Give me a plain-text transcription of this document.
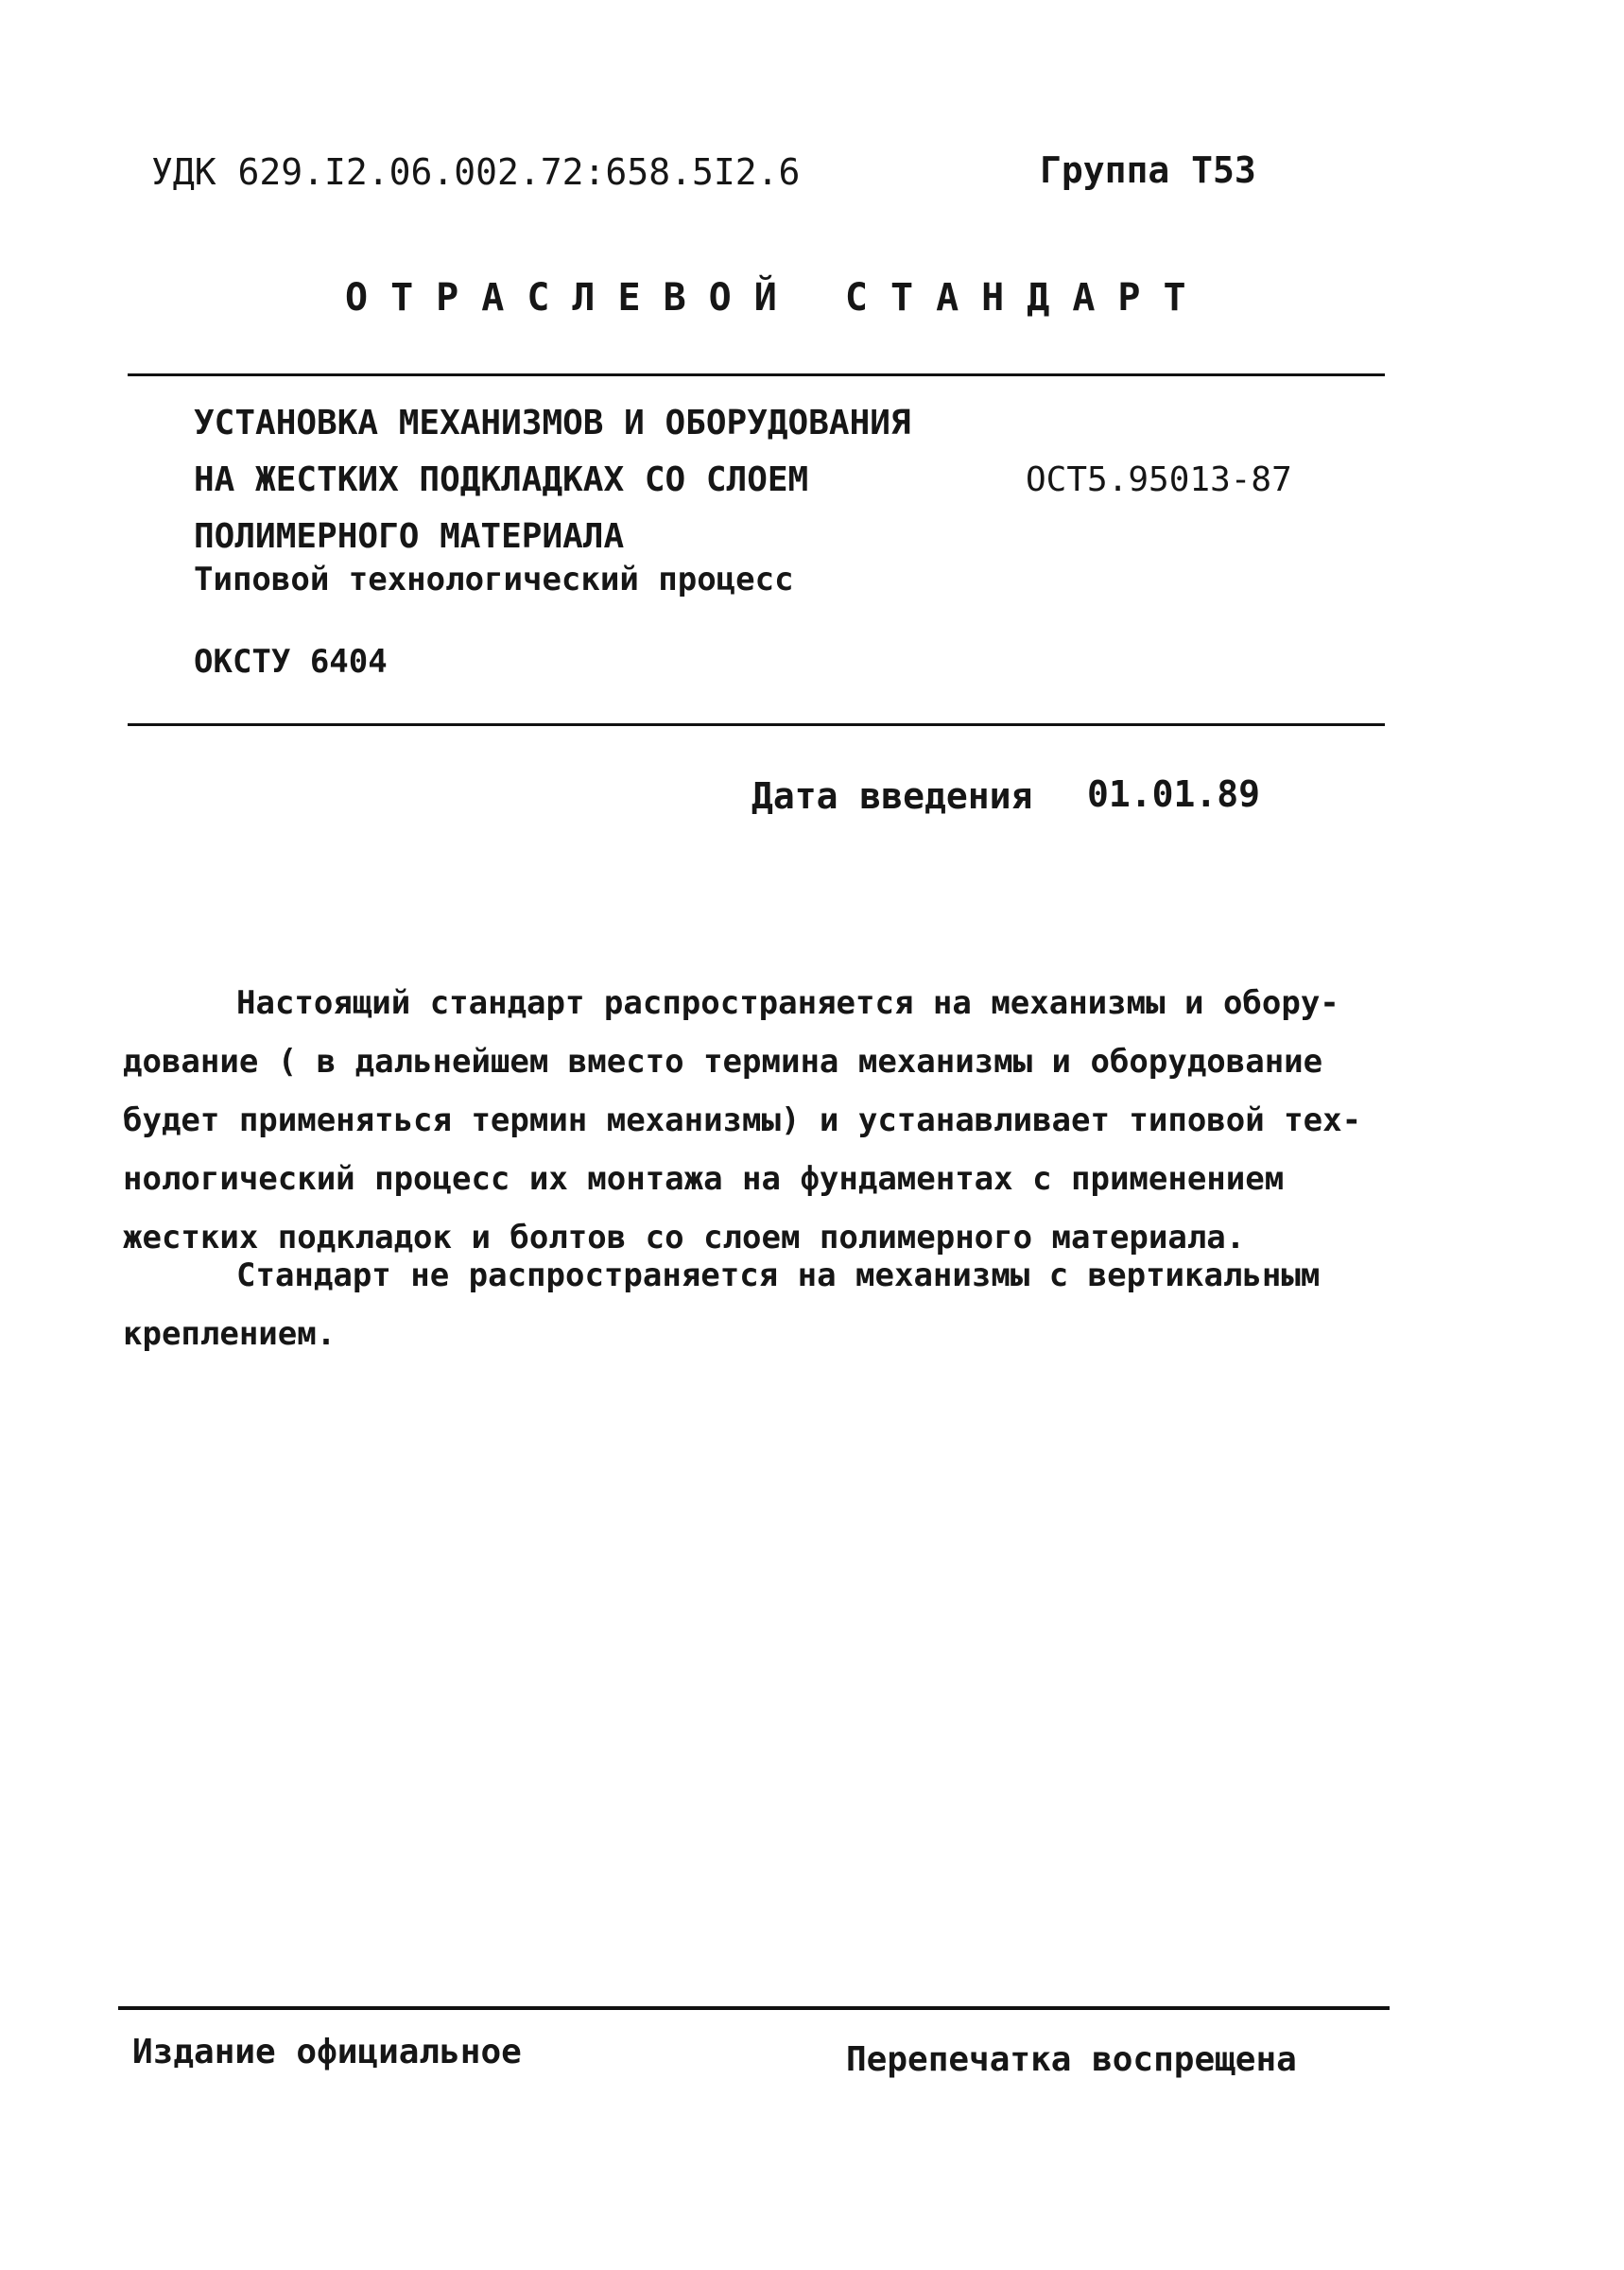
УДК 629.I2.06.002.72:658.5I2.6	Группа Т53
ОТРАСЛЕВОЙ СТАНДАРТ
УСТАНОВКА МЕХАНИЗМОВ И ОБОРУДОВАНИЯ
НА ЖЕСТКИХ ПОДКЛАДКАХ СО СЛОЕМ
ПОЛИМЕРНОГО МАТЕРИАЛА
ОСТ5.95013-87
Типовой технологический процесс
ОКСТУ 6404
Дата введения 01.01.89
Настоящий стандарт распространяется на механизмы и обору-
дование ( в дальнейшем вместо термина механизмы и оборудование
будет применяться термин механизмы) и устанавливает типовой тех-
нологический процесс их монтажа на фундаментах с применением
жестких подкладок и болтов со слоем полимерного материала.
Стандарт не распространяется на механизмы с вертикальным
креплением.
Издание официальное	Перепечатка воспрещена
